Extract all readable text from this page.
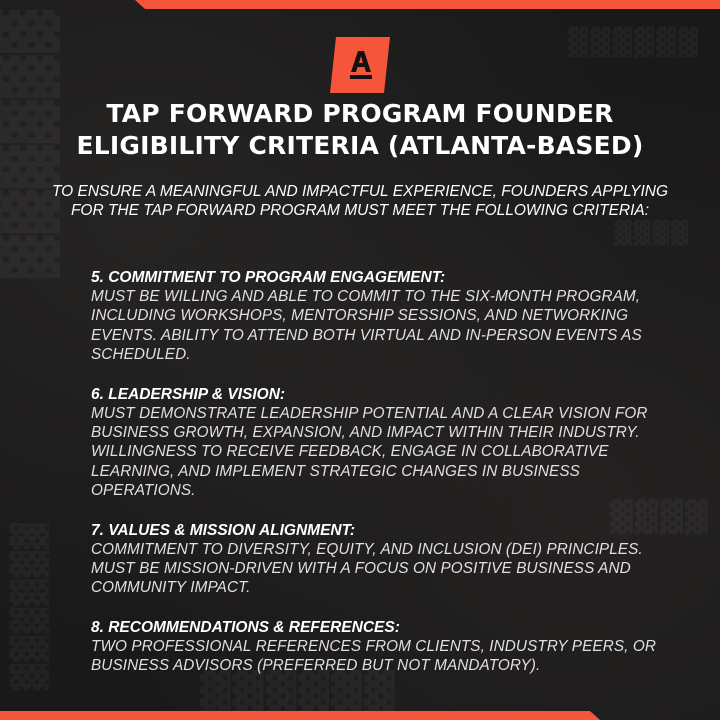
TAP FORWARD PROGRAM FOUNDER
ELIGIBILITY CRITERIA (ATLANTA-BASED)

TO ENSURE A MEANINGFUL AND IMPACTFUL EXPERIENCE, FOUNDERS APPLYING FOR THE TAP FORWARD PROGRAM MUST MEET THE FOLLOWING CRITERIA:

5. COMMITMENT TO PROGRAM ENGAGEMENT:
MUST BE WILLING AND ABLE TO COMMIT TO THE SIX-MONTH PROGRAM, INCLUDING WORKSHOPS, MENTORSHIP SESSIONS, AND NETWORKING EVENTS. ABILITY TO ATTEND BOTH VIRTUAL AND IN-PERSON EVENTS AS SCHEDULED.
6. LEADERSHIP & VISION:
MUST DEMONSTRATE LEADERSHIP POTENTIAL AND A CLEAR VISION FOR BUSINESS GROWTH, EXPANSION, AND IMPACT WITHIN THEIR INDUSTRY. WILLINGNESS TO RECEIVE FEEDBACK, ENGAGE IN COLLABORATIVE LEARNING, AND IMPLEMENT STRATEGIC CHANGES IN BUSINESS OPERATIONS.
7. VALUES & MISSION ALIGNMENT:
COMMITMENT TO DIVERSITY, EQUITY, AND INCLUSION (DEI) PRINCIPLES. MUST BE MISSION-DRIVEN WITH A FOCUS ON POSITIVE BUSINESS AND COMMUNITY IMPACT.
8. RECOMMENDATIONS & REFERENCES:
TWO PROFESSIONAL REFERENCES FROM CLIENTS, INDUSTRY PEERS, OR BUSINESS ADVISORS (PREFERRED BUT NOT MANDATORY).
